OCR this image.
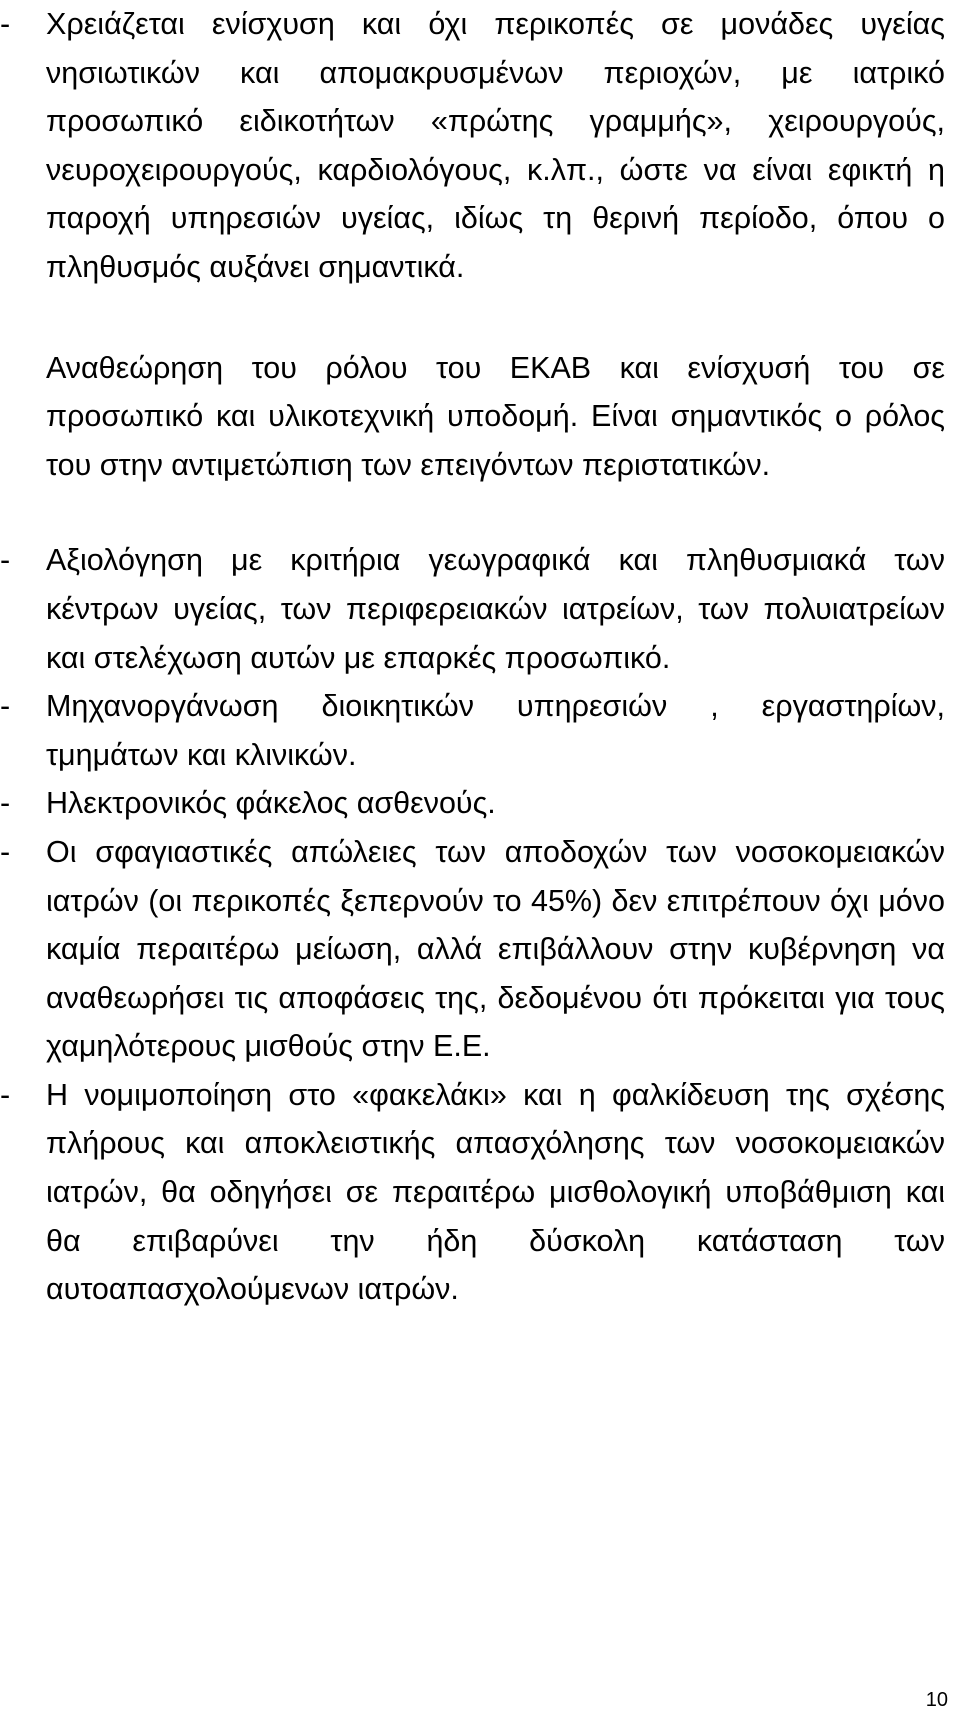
- Χρειάζεται ενίσχυση και όχι περικοπές σε μονάδες υγείας νησιωτικών και απομακρυσμένων περιοχών, με ιατρικό προσωπικό ειδικοτήτων «πρώτης γραμμής», χειρουργούς, νευροχειρουργούς, καρδιολόγους, κ.λπ., ώστε να είναι εφικτή η παροχή υπηρεσιών υγείας, ιδίως τη θερινή περίοδο, όπου ο πληθυσμός αυξάνει σημαντικά.
Αναθεώρηση του ρόλου του ΕΚΑΒ και ενίσχυσή του σε προσωπικό και υλικοτεχνική υποδομή. Είναι σημαντικός ο ρόλος του στην αντιμετώπιση των επειγόντων περιστατικών.
- Αξιολόγηση με κριτήρια γεωγραφικά και πληθυσμιακά των κέντρων υγείας, των περιφερειακών ιατρείων, των πολυιατρείων και στελέχωση αυτών με επαρκές προσωπικό.
- Μηχανοργάνωση διοικητικών υπηρεσιών , εργαστηρίων, τμημάτων και κλινικών.
- Ηλεκτρονικός φάκελος ασθενούς.
- Οι σφαγιαστικές απώλειες των αποδοχών των νοσοκομειακών ιατρών (οι περικοπές ξεπερνούν το 45%) δεν επιτρέπουν όχι μόνο καμία περαιτέρω μείωση, αλλά επιβάλλουν στην κυβέρνηση να αναθεωρήσει τις αποφάσεις της, δεδομένου ότι πρόκειται για τους χαμηλότερους μισθούς στην Ε.Ε.
- Η νομιμοποίηση στο «φακελάκι» και η φαλκίδευση της σχέσης πλήρους και αποκλειστικής απασχόλησης των νοσοκομειακών ιατρών, θα οδηγήσει σε περαιτέρω μισθολογική υποβάθμιση και θα επιβαρύνει την ήδη δύσκολη κατάσταση των αυτοαπασχολούμενων ιατρών.
10
